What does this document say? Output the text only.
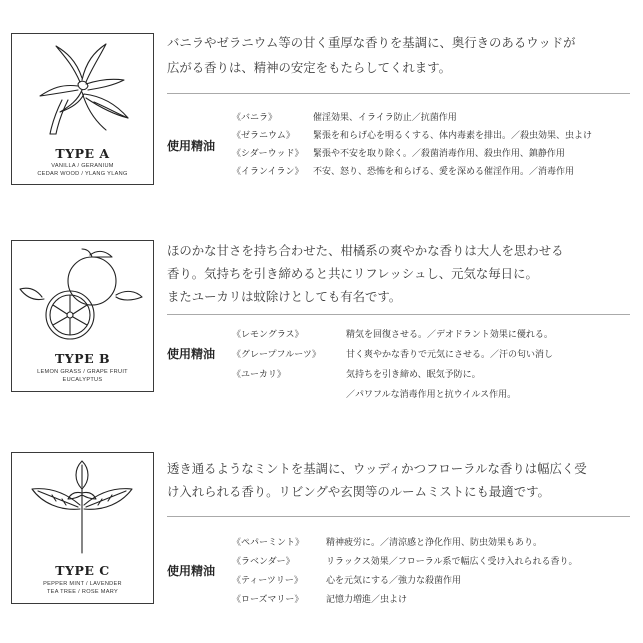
TYPE A
VANILLA / GERANIUM
CEDAR WOOD / YLANG YLANG
バニラやゼラニウム等の甘く重厚な香りを基調に、奥行きのあるウッドが
広がる香りは、精神の安定をもたらしてくれます。
使用精油
《バニラ》	催淫効果、イライラ防止／抗菌作用
《ゼラニウム》 緊張を和らげ心を明るくする、体内毒素を排出。／殺虫効果、虫よけ
《シダーウッド》 緊張や不安を取り除く。／殺菌消毒作用、殺虫作用、鎮静作用
《イランイラン》 不安、怒り、恐怖を和らげる、愛を深める催淫作用。／消毒作用
TYPE B
LEMON GRASS / GRAPE FRUIT
EUCALYPTUS
ほのかな甘さを持ち合わせた、柑橘系の爽やかな香りは大人を思わせる
香り。気持ちを引き締めると共にリフレッシュし、元気な毎日に。
またユーカリは蚊除けとしても有名です。
使用精油
《レモングラス》	精気を回復させる。／デオドラント効果に優れる。
《グレープフルーツ》	甘く爽やかな香りで元気にさせる。／汗の匂い消し
《ユーカリ》	気持ちを引き締め、眠気予防に。
／パワフルな消毒作用と抗ウイルス作用。
TYPE C
PEPPER MINT / LAVENDER
TEA TREE / ROSE MARY
透き通るようなミントを基調に、ウッディかつフローラルな香りは幅広く受
け入れられる香り。リビングや玄関等のルームミストにも最適です。
使用精油
《ペパーミント》 精神疲労に。／清涼感と浄化作用、防虫効果もあり。
《ラベンダー》	リラックス効果／フローラル系で幅広く受け入れられる香り。
《ティーツリー》	心を元気にする／強力な殺菌作用
《ローズマリー》	記憶力増進／虫よけ
